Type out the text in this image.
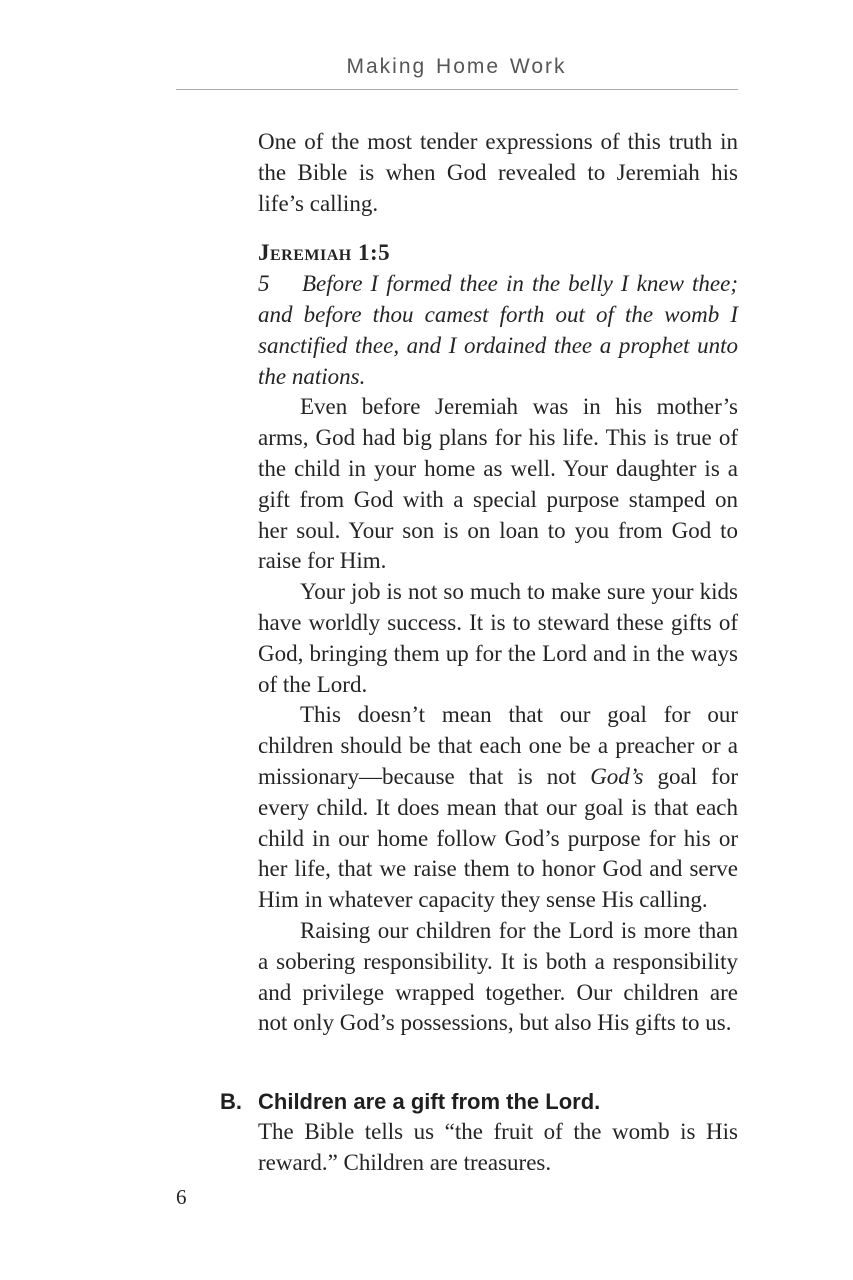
Making Home Work

One of the most tender expressions of this truth in the Bible is when God revealed to Jeremiah his life’s calling.

Jeremiah 1:5

5 Before I formed thee in the belly I knew thee; and before thou camest forth out of the womb I sanctified thee, and I ordained thee a prophet unto the nations.

Even before Jeremiah was in his mother’s arms, God had big plans for his life. This is true of the child in your home as well. Your daughter is a gift from God with a special purpose stamped on her soul. Your son is on loan to you from God to raise for Him.

Your job is not so much to make sure your kids have worldly success. It is to steward these gifts of God, bringing them up for the Lord and in the ways of the Lord.

This doesn’t mean that our goal for our children should be that each one be a preacher or a missionary—because that is not God’s goal for every child. It does mean that our goal is that each child in our home follow God’s purpose for his or her life, that we raise them to honor God and serve Him in whatever capacity they sense His calling.

Raising our children for the Lord is more than a sobering responsibility. It is both a responsibility and privilege wrapped together. Our children are not only God’s possessions, but also His gifts to us.

B. Children are a gift from the Lord.

The Bible tells us “the fruit of the womb is His reward.” Children are treasures.

6
